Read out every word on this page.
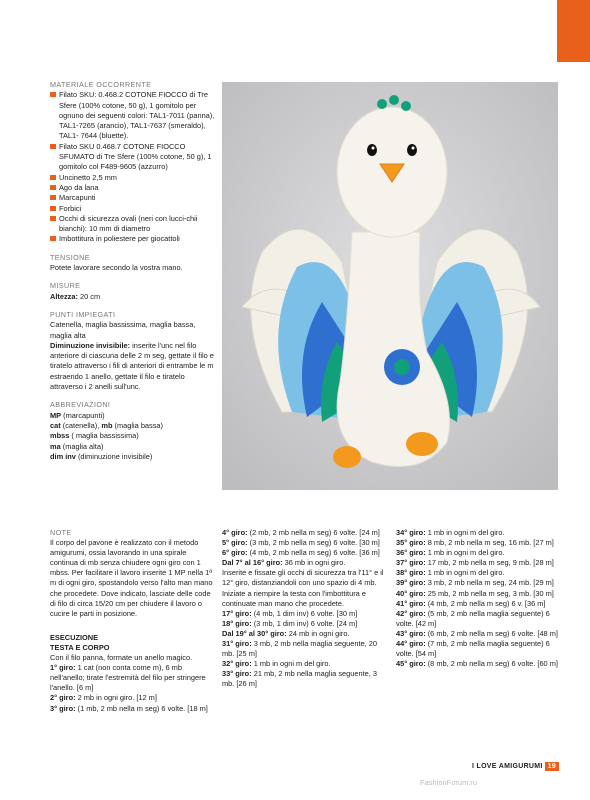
MATERIALE OCCORRENTE
Filato SKU: 0.468.2 COTONE FIOCCO di Tre Sfere (100% cotone, 50 g), 1 gomitolo per ognuno dei seguenti colori: TAL1-7011 (panna), TAL1-7265 (arancio), TAL1-7637 (smeraldo), TAL1- 7644 (bluette).
Filato SKU 0.468.7 COTONE FIOCCO SFUMATO di Tre Sfere (100% cotone, 50 g), 1 gomitolo col F489-9605 (azzurro)
Uncinetto 2,5 mm
Ago da lana
Marcapunti
Forbici
Occhi di sicurezza ovali (neri con lucci-chii bianchi): 10 mm di diametro
Imbottitura in poliestere per giocattoli
TENSIONE
Potete lavorare secondo la vostra mano.
MISURE
Altezza: 20 cm
PUNTI IMPIEGATI
Catenella, maglia bassissima, maglia bassa, maglia alta
Diminuzione invisibile: inserite l'unc nel filo anteriore di ciascuna delle 2 m seg, gettate il filo e tiratelo attraverso i fili di anteriori di entrambe le m estraendo 1 anello, gettate il filo e tiratelo attraverso i 2 anelli sull'unc.
ABBREVIAZIONI
MP (marcapunti)
cat (catenella), mb (maglia bassa)
mbss ( maglia bassissima)
ma (maglia alta)
dim inv (diminuzione invisibile)
NOTE
Il corpo del pavone è realizzato con il metodo amigurumi, ossia lavorando in una spirale continua di mb senza chiudere ogni giro con 1 mbss. Per facilitare il lavoro inserite 1 MP nella 1ª m di ogni giro, spostandolo verso l'alto man mano che procedete. Dove indicato, lasciate delle code di filo di circa 15/20 cm per chiudere il lavoro o cucire le parti in posizione.
ESECUZIONE
TESTA E CORPO
Con il filo panna, formate un anello magico.
1° giro: 1 cat (non conta come m), 6 mb nell'anello; tirate l'estremità del filo per stringere l'anello. [6 m]
2° giro: 2 mb in ogni giro. [12 m]
3° giro: (1 mb, 2 mb nella m seg) 6 volte. [18 m]
4° giro: (2 mb, 2 mb nella m seg) 6 volte. [24 m]
5° giro: (3 mb, 2 mb nella m seg) 6 volte. [30 m]
6° giro: (4 mb, 2 mb nella m seg) 6 volte. [36 m]
Dal 7° al 16° giro: 36 mb in ogni giro.
Inserite e fissate gli occhi di sicurezza tra l'11° e il 12° giro, distanziandoli con uno spazio di 4 mb. Iniziate a riempire la testa con l'imbottitura e continuate man mano che procedete.
17° giro: (4 mb, 1 dim inv) 6 volte. [30 m]
18° giro: (3 mb, 1 dim inv) 6 volte. [24 m]
Dal 19° al 30° giro: 24 mb in ogni giro.
31° giro: 3 mb, 2 mb nella maglia seguente, 20 mb. [25 m]
32° giro: 1 mb in ogni m del giro.
33° giro: 21 mb, 2 mb nella maglia seguente, 3 mb. [26 m]
34° giro: 1 mb in ogni m del giro.
35° giro: 8 mb, 2 mb nella m seg, 16 mb. [27 m]
36° giro: 1 mb in ogni m del giro.
37° giro: 17 mb, 2 mb nella m seg, 9 mb. [28 m]
38° giro: 1 mb in ogni m del giro.
39° giro: 3 mb, 2 mb nella m seg, 24 mb. [29 m]
40° giro: 25 mb, 2 mb nella m seg, 3 mb. [30 m]
41° giro: (4 mb, 2 mb nella m seg) 6 v. [36 m]
42° giro: (5 mb, 2 mb nella maglia seguente) 6 volte. [42 m]
43° giro: (6 mb, 2 mb nella m seg) 6 volte. [48 m]
44° giro: (7 mb, 2 mb nella maglia seguente) 6 volte. [54 m]
45° giro: (8 mb, 2 mb nella m seg) 6 volte. [60 m]
I LOVE AMIGURUMI 19
FashionForum.ru
